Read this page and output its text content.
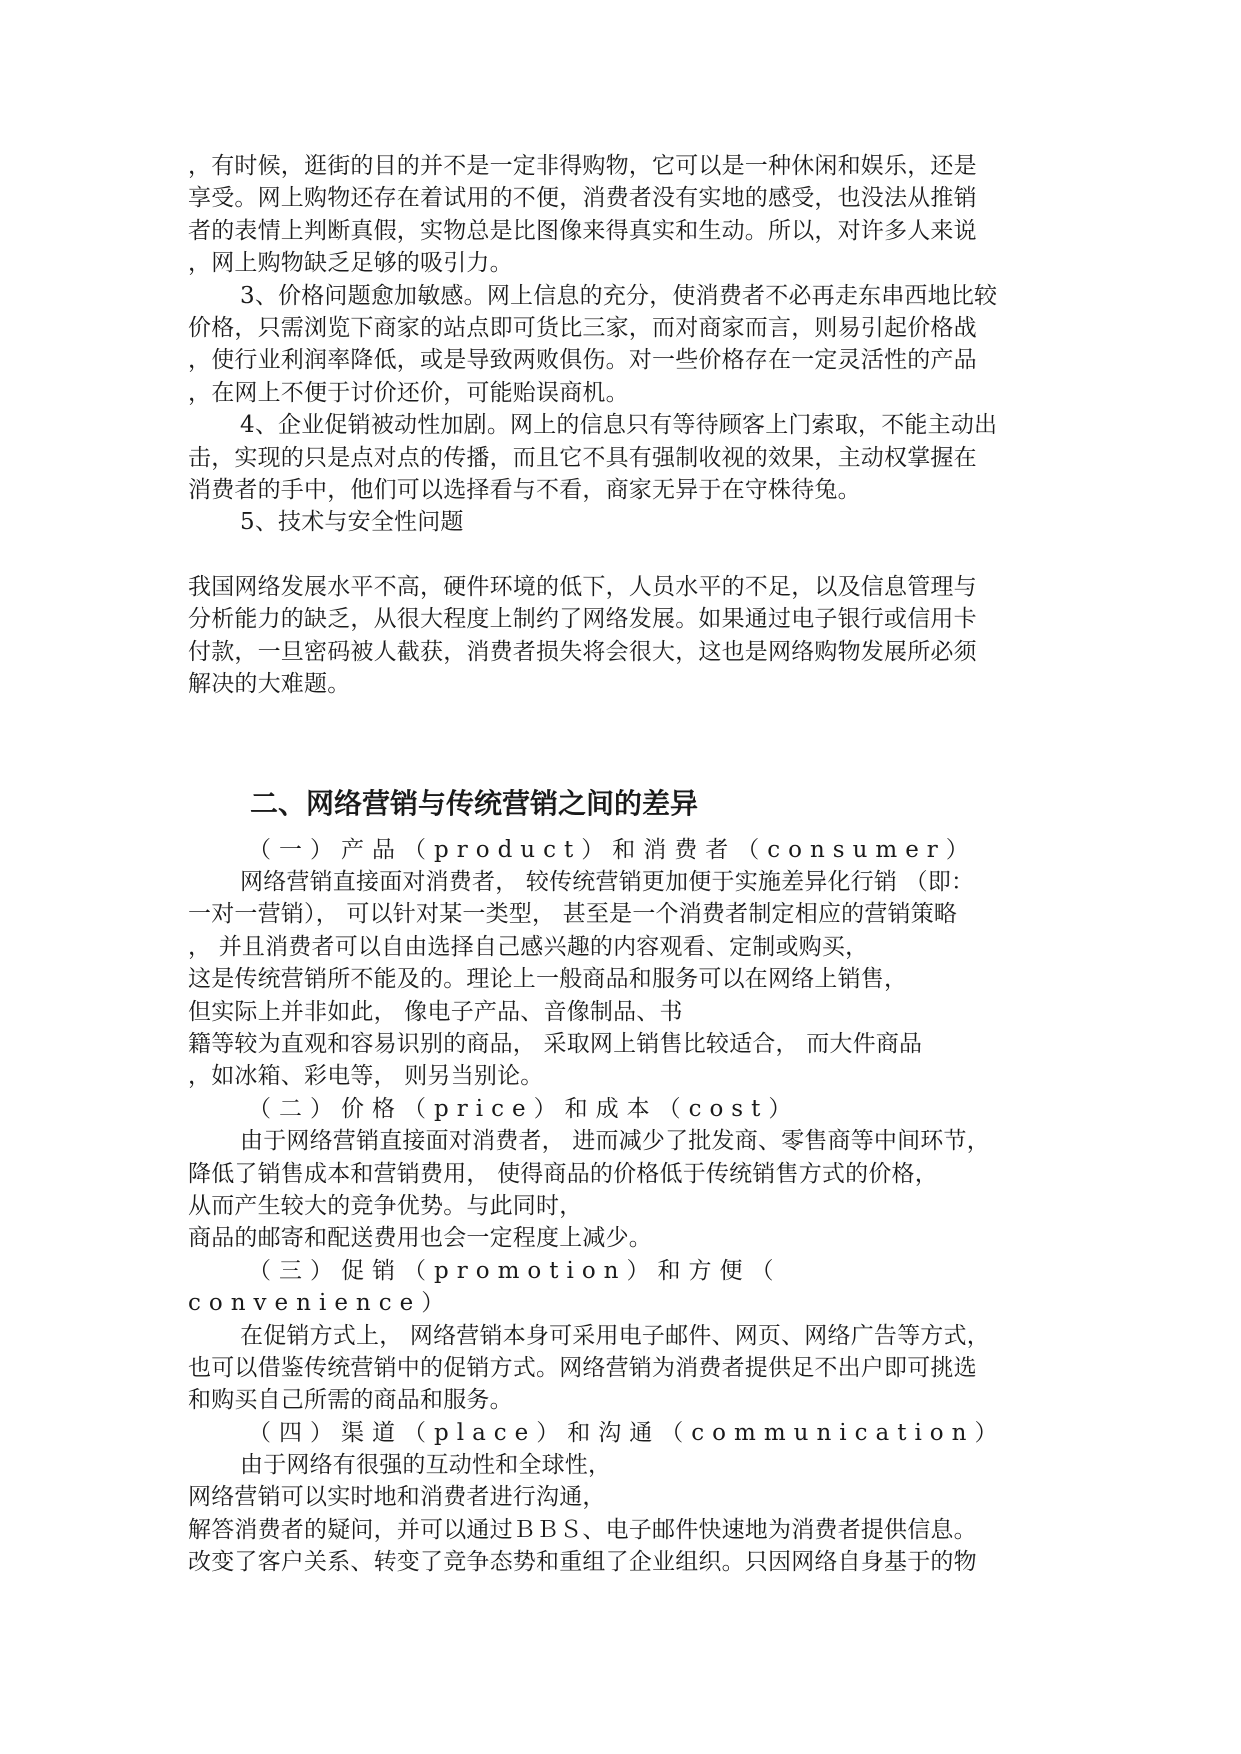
，有时候，逛街的目的并不是一定非得购物，它可以是一种休闲和娱乐，还是
享受。网上购物还存在着试用的不便，消费者没有实地的感受，也没法从推销
者的表情上判断真假，实物总是比图像来得真实和生动。所以，对许多人来说
，网上购物缺乏足够的吸引力。
3、价格问题愈加敏感。网上信息的充分，使消费者不必再走东串西地比较
价格，只需浏览下商家的站点即可货比三家，而对商家而言，则易引起价格战
，使行业利润率降低，或是导致两败俱伤。对一些价格存在一定灵活性的产品
，在网上不便于讨价还价，可能贻误商机。
4、企业促销被动性加剧。网上的信息只有等待顾客上门索取，不能主动出
击，实现的只是点对点的传播，而且它不具有强制收视的效果，主动权掌握在
消费者的手中，他们可以选择看与不看，商家无异于在守株待兔。
5、技术与安全性问题
我国网络发展水平不高，硬件环境的低下，人员水平的不足，以及信息管理与
分析能力的缺乏，从很大程度上制约了网络发展。如果通过电子银行或信用卡
付款，一旦密码被人截获，消费者损失将会很大，这也是网络购物发展所必须
解决的大难题。
二、网络营销与传统营销之间的差异
（一）产品（product）和消费者（consumer）
网络营销直接面对消费者， 较传统营销更加便于实施差异化行销 （即：
一对一营销）， 可以针对某一类型， 甚至是一个消费者制定相应的营销策略
， 并且消费者可以自由选择自己感兴趣的内容观看、定制或购买，
这是传统营销所不能及的。理论上一般商品和服务可以在网络上销售，
但实际上并非如此， 像电子产品、音像制品、书
籍等较为直观和容易识别的商品， 采取网上销售比较适合， 而大件商品
，如冰箱、彩电等， 则另当别论。
（二）价格（price）和成本（cost）
由于网络营销直接面对消费者， 进而减少了批发商、零售商等中间环节，
降低了销售成本和营销费用， 使得商品的价格低于传统销售方式的价格，
从而产生较大的竞争优势。与此同时，
商品的邮寄和配送费用也会一定程度上减少。
（三）促销（promotion）和方便（
convenience）
在促销方式上， 网络营销本身可采用电子邮件、网页、网络广告等方式，
也可以借鉴传统营销中的促销方式。网络营销为消费者提供足不出户即可挑选
和购买自己所需的商品和服务。
（四）渠道（place）和沟通（communication）
由于网络有很强的互动性和全球性，
网络营销可以实时地和消费者进行沟通，
解答消费者的疑问，并可以通过ＢＢＳ、电子邮件快速地为消费者提供信息。
改变了客户关系、转变了竞争态势和重组了企业组织。只因网络自身基于的物
